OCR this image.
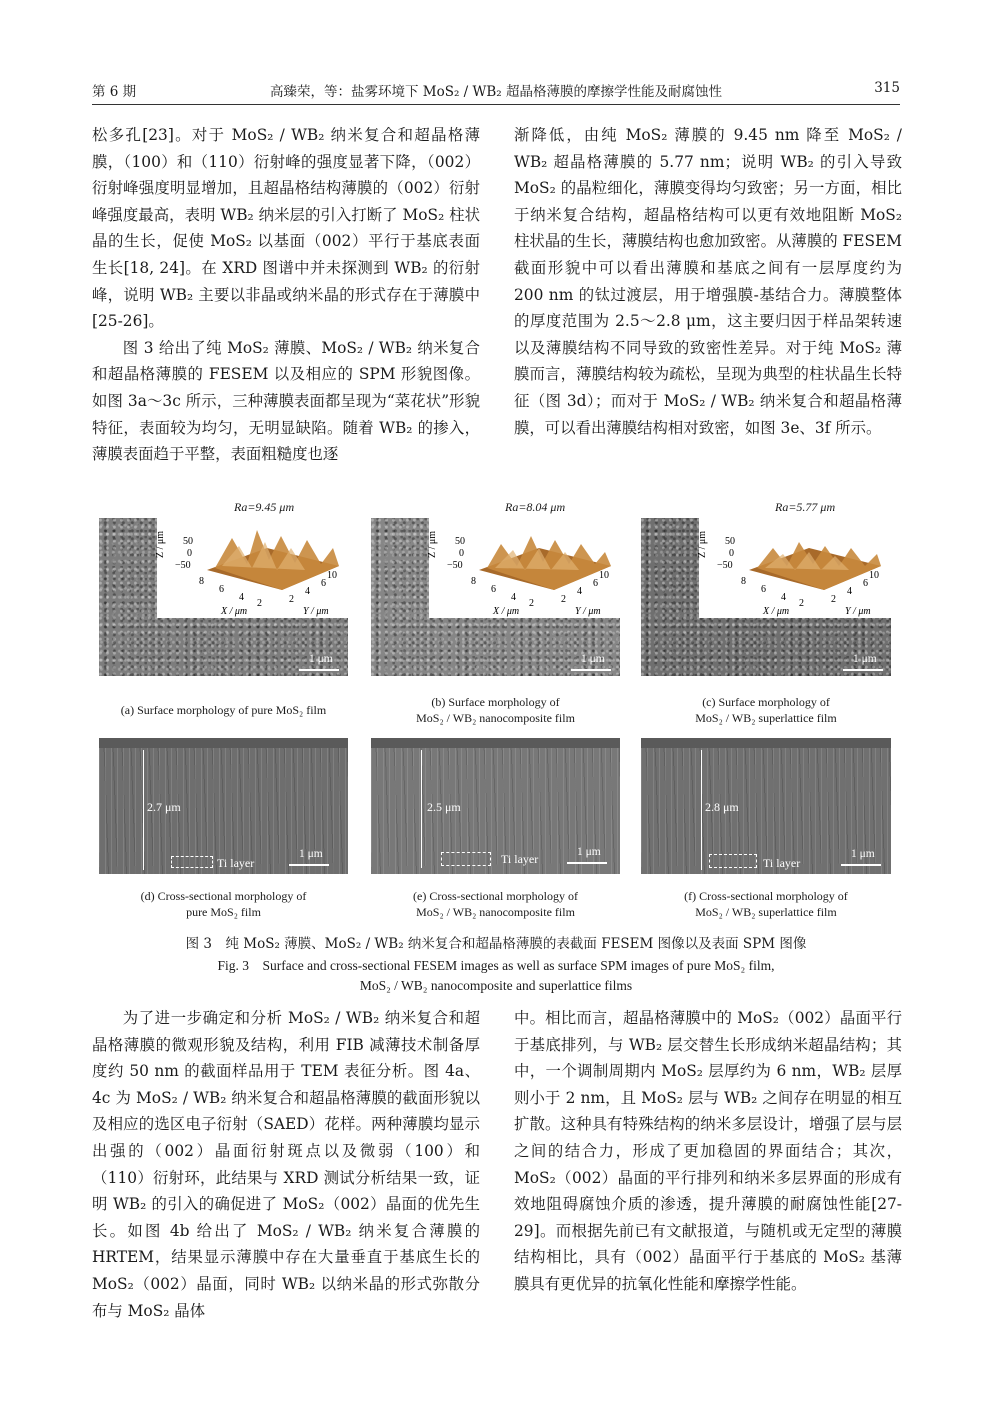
第 6 期	高臻荣，等：盐雾环境下 MoS₂ / WB₂ 超晶格薄膜的摩擦学性能及耐腐蚀性	315

松多孔[23]。对于 MoS₂ / WB₂ 纳米复合和超晶格薄膜，（100）和（110）衍射峰的强度显著下降，（002）衍射峰强度明显增加，且超晶格结构薄膜的（002）衍射峰强度最高，表明 WB₂ 纳米层的引入打断了 MoS₂ 柱状晶的生长，促使 MoS₂ 以基面（002）平行于基底表面生长[18, 24]。在 XRD 图谱中并未探测到 WB₂ 的衍射峰，说明 WB₂ 主要以非晶或纳米晶的形式存在于薄膜中[25-26]。

图 3 给出了纯 MoS₂ 薄膜、MoS₂ / WB₂ 纳米复合和超晶格薄膜的 FESEM 以及相应的 SPM 形貌图像。如图 3a～3c 所示，三种薄膜表面都呈现为“菜花状”形貌特征，表面较为均匀，无明显缺陷。随着 WB₂ 的掺入，薄膜表面趋于平整，表面粗糙度也逐

渐降低，由纯 MoS₂ 薄膜的 9.45 nm 降至 MoS₂ / WB₂ 超晶格薄膜的 5.77 nm；说明 WB₂ 的引入导致 MoS₂ 的晶粒细化，薄膜变得均匀致密；另一方面，相比于纳米复合结构，超晶格结构可以更有效地阻断 MoS₂ 柱状晶的生长，薄膜结构也愈加致密。从薄膜的 FESEM 截面形貌中可以看出薄膜和基底之间有一层厚度约为 200 nm 的钛过渡层，用于增强膜-基结合力。薄膜整体的厚度范围为 2.5～2.8 μm，这主要归因于样品架转速以及薄膜结构不同导致的致密性差异。对于纯 MoS₂ 薄膜而言，薄膜结构较为疏松，呈现为典型的柱状晶生长特征（图 3d）；而对于 MoS₂ / WB₂ 纳米复合和超晶格薄膜，可以看出薄膜结构相对致密，如图 3e、3f 所示。

Ra=9.45 μm
Z / μm 50
0
−50
8
6
4
2
X / μm
2
4
6
Y / μm
10
1 μm
(a) Surface morphology of pure MoS₂ film
Ra=8.04 μm
Z / μm 50
0
−50
8
6
4
2
X / μm
2
4
6
Y / μm
10
1 μm
(b) Surface morphology of
MoS₂ / WB₂ nanocomposite film
Ra=5.77 μm
Z / μm 50
0
−50
8
6
4
2
X / μm
2
4
6
Y / μm
10
1 μm
(c) Surface morphology of
MoS₂ / WB₂ superlattice film
2.7 μm
Ti layer
1 μm
(d) Cross-sectional morphology of
pure MoS₂ film
2.5 μm
Ti layer	1 μm
(e) Cross-sectional morphology of
MoS₂ / WB₂ nanocomposite film
2.8 μm
Ti layer
1 μm
(f) Cross-sectional morphology of
MoS₂ / WB₂ superlattice film
图 3　纯 MoS₂ 薄膜、MoS₂ / WB₂ 纳米复合和超晶格薄膜的表截面 FESEM 图像以及表面 SPM 图像
Fig. 3　Surface and cross-sectional FESEM images as well as surface SPM images of pure MoS₂ film,
MoS₂ / WB₂ nanocomposite and superlattice films

为了进一步确定和分析 MoS₂ / WB₂ 纳米复合和超晶格薄膜的微观形貌及结构，利用 FIB 减薄技术制备厚度约 50 nm 的截面样品用于 TEM 表征分析。图 4a、4c 为 MoS₂ / WB₂ 纳米复合和超晶格薄膜的截面形貌以及相应的选区电子衍射（SAED）花样。两种薄膜均显示出强的（002）晶面衍射斑点以及微弱（100）和（110）衍射环，此结果与 XRD 测试分析结果一致，证明 WB₂ 的引入的确促进了 MoS₂（002）晶面的优先生长。如图 4b 给出了 MoS₂ / WB₂ 纳米复合薄膜的 HRTEM，结果显示薄膜中存在大量垂直于基底生长的 MoS₂（002）晶面，同时 WB₂ 以纳米晶的形式弥散分布与 MoS₂ 晶体

中。相比而言，超晶格薄膜中的 MoS₂（002）晶面平行于基底排列，与 WB₂ 层交替生长形成纳米超晶结构；其中，一个调制周期内 MoS₂ 层厚约为 6 nm，WB₂ 层厚则小于 2 nm，且 MoS₂ 层与 WB₂ 之间存在明显的相互扩散。这种具有特殊结构的纳米多层设计，增强了层与层之间的结合力，形成了更加稳固的界面结合；其次，MoS₂（002）晶面的平行排列和纳米多层界面的形成有效地阻碍腐蚀介质的渗透，提升薄膜的耐腐蚀性能[27-29]。而根据先前已有文献报道，与随机或无定型的薄膜结构相比，具有（002）晶面平行于基底的 MoS₂ 基薄膜具有更优异的抗氧化性能和摩擦学性能。
